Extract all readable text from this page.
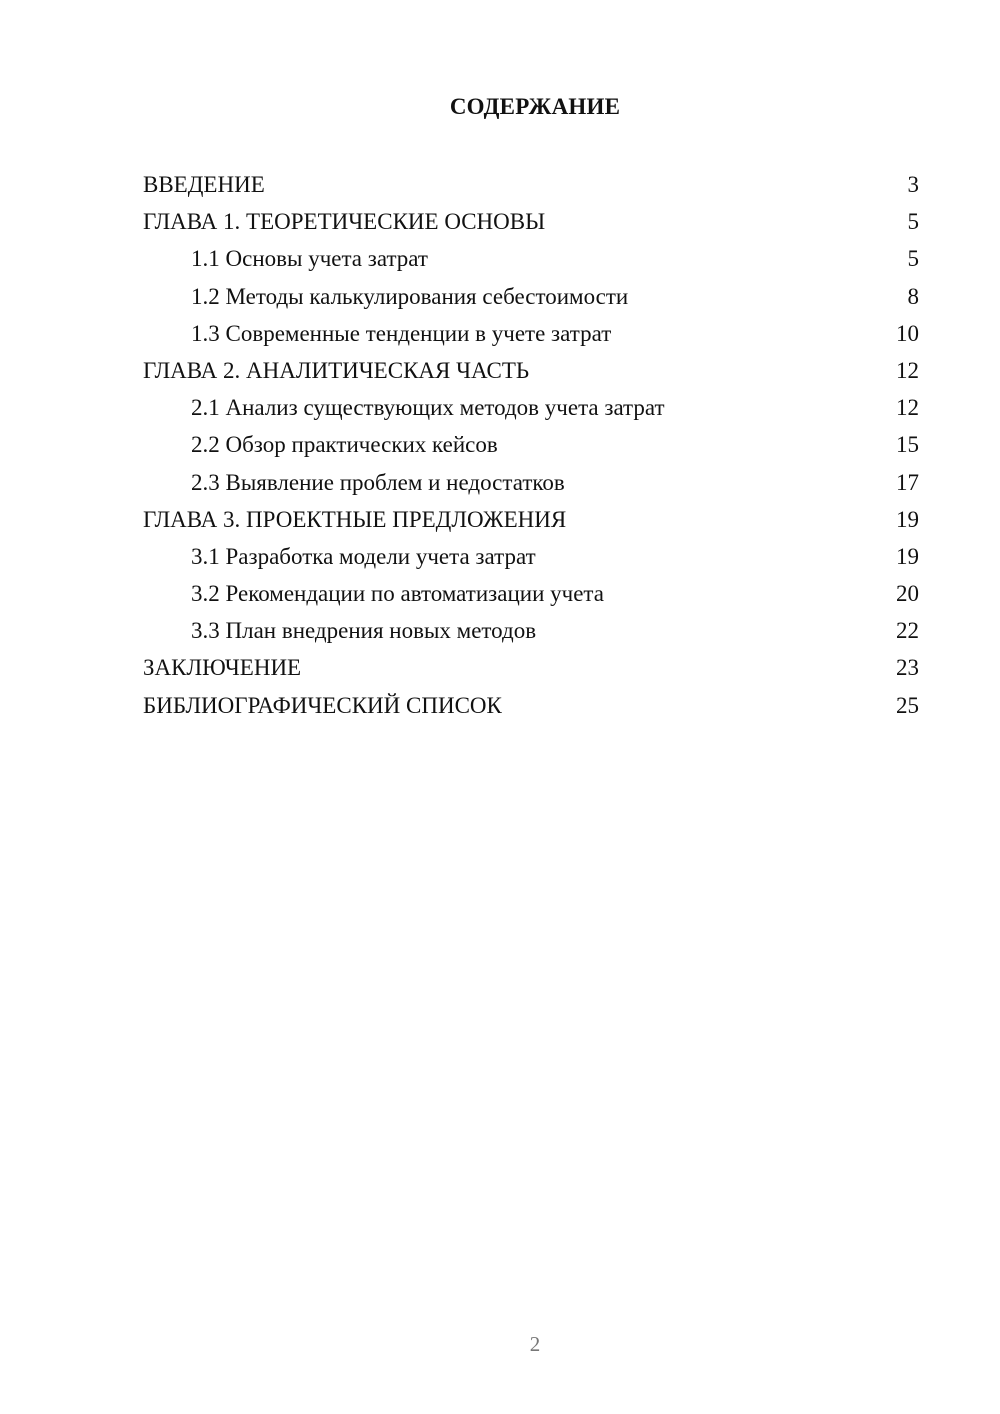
СОДЕРЖАНИЕ
ВВЕДЕНИЕ	3
ГЛАВА 1. ТЕОРЕТИЧЕСКИЕ ОСНОВЫ	5
1.1 Основы учета затрат	5
1.2 Методы калькулирования себестоимости	8
1.3 Современные тенденции в учете затрат	10
ГЛАВА 2. АНАЛИТИЧЕСКАЯ ЧАСТЬ	12
2.1 Анализ существующих методов учета затрат	12
2.2 Обзор практических кейсов	15
2.3 Выявление проблем и недостатков	17
ГЛАВА 3. ПРОЕКТНЫЕ ПРЕДЛОЖЕНИЯ	19
3.1 Разработка модели учета затрат	19
3.2 Рекомендации по автоматизации учета	20
3.3 План внедрения новых методов	22
ЗАКЛЮЧЕНИЕ	23
БИБЛИОГРАФИЧЕСКИЙ СПИСОК	25
2
